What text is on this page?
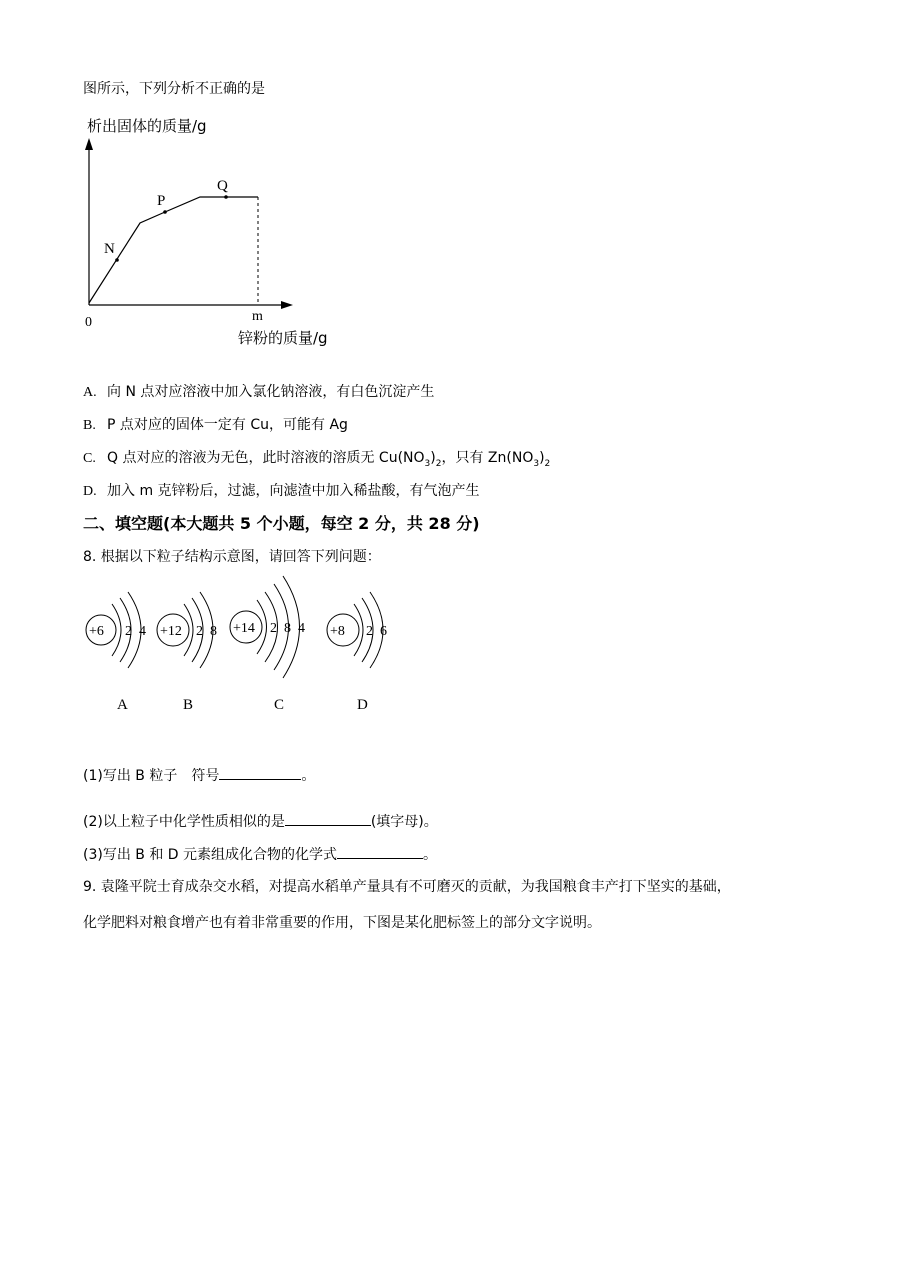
图所示，下列分析不正确的是
析出固体的质量/g
锌粉的质量/g
N
P
Q
0	m
A. 向 N 点对应溶液中加入氯化钠溶液，有白色沉淀产生
B. P 点对应的固体一定有 Cu，可能有 Ag
C. Q 点对应的溶液为无色，此时溶液的溶质无 $Cu(NO_3)_2$，只有 $Zn(NO_3)_2$
D. 加入 m 克锌粉后，过滤，向滤渣中加入稀盐酸，有气泡产生
二、填空题(本大题共 5 个小题，每空 2 分，共 28 分)
8. 根据以下粒子结构示意图，请回答下列问题：
+6 2 4
A
+12 2 8
B
+14 2 8 4
C
+8 2 6
D
(1)写出 B 粒子　符号	。
(2)以上粒子中化学性质相似的是	(填字母)。
(3)写出 B 和 D 元素组成化合物的化学式	。
9. 袁隆平院士育成杂交水稻，对提高水稻单产量具有不可磨灭的贡献，为我国粮食丰产打下坚实的基础，
化学肥料对粮食增产也有着非常重要的作用，下图是某化肥标签上的部分文字说明。
